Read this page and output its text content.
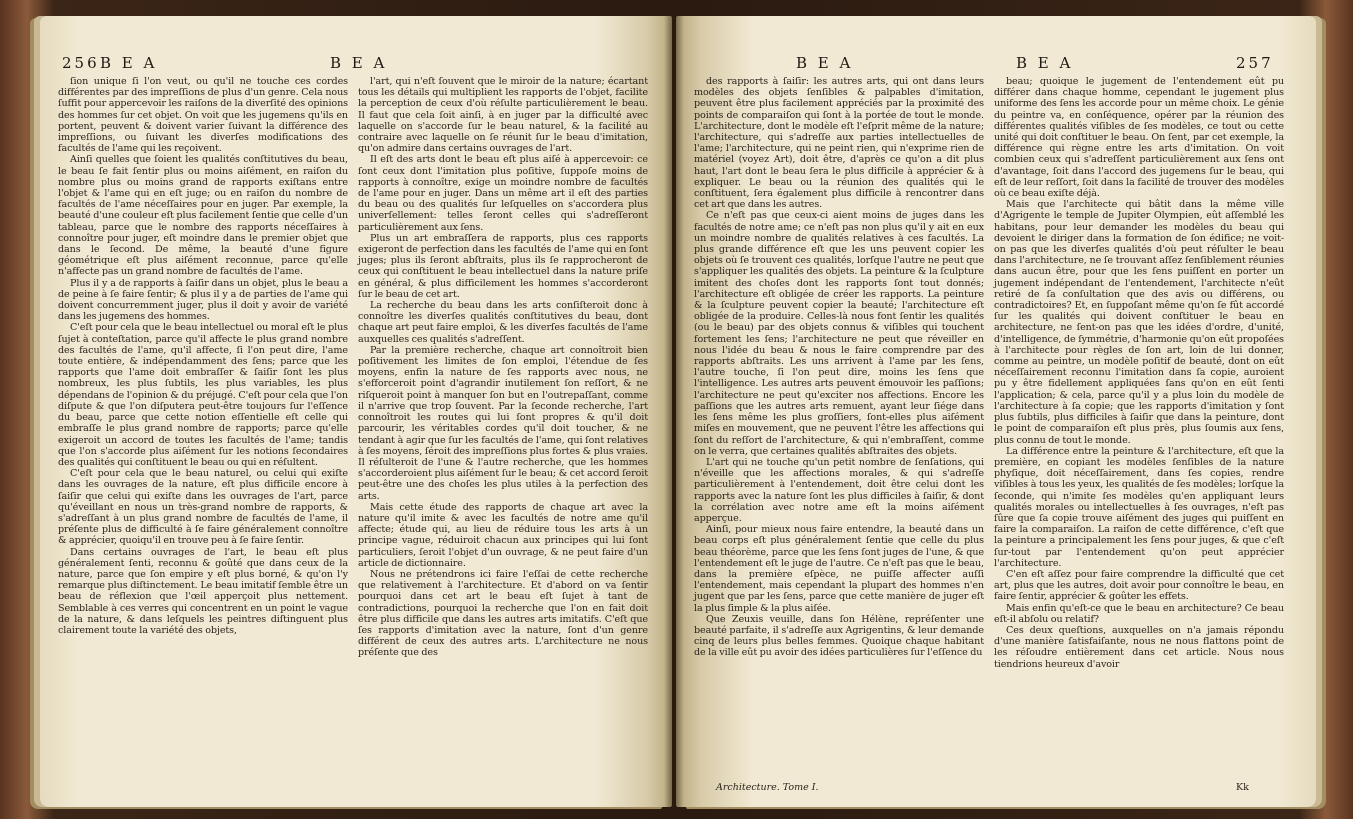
256 B E A	B E A

ſion unique ſi l'on veut, ou qu'il ne touche ces cordes différentes par des impreſſions de plus d'un genre. Cela nous ſuffit pour appercevoir les raiſons de la diverſité des opinions des hommes ſur cet objet. On voit que les jugemens qu'ils en portent, peuvent & doivent varier ſuivant la différence des impreſſions, ou ſuivant les diverſes modifications des facultés de l'ame qui les reçoivent.

Ainſi quelles que ſoient les qualités conſtitutives du beau, le beau ſe fait ſentir plus ou moins aiſément, en raiſon du nombre plus ou moins grand de rapports exiſtans entre l'objet & l'ame qui en eſt juge; ou en raiſon du nombre de facultés de l'ame néceſſaires pour en juger. Par exemple, la beauté d'une couleur eſt plus facilement ſentie que celle d'un tableau, parce que le nombre des rapports néceſſaires à connoître pour juger, eſt moindre dans le premier objet que dans le ſecond. De même, la beauté d'une figure géométrique eſt plus aiſément reconnue, parce qu'elle n'affecte pas un grand nombre de facultés de l'ame.

Plus il y a de rapports à ſaiſir dans un objet, plus le beau a de peine à ſe faire ſentir; & plus il y a de parties de l'ame qui doivent concurremment juger, plus il doit y avoir de variété dans les jugemens des hommes.

C'eſt pour cela que le beau intellectuel ou moral eſt le plus ſujet à conteſtation, parce qu'il affecte le plus grand nombre des facultés de l'ame, qu'il affecte, ſi l'on peut dire, l'ame toute entière, & indépendamment des ſens; parce que les rapports que l'ame doit embraſſer & ſaiſir ſont les plus nombreux, les plus ſubtils, les plus variables, les plus dépendans de l'opinion & du préjugé. C'eſt pour cela que l'on diſpute & que l'on diſputera peut-être toujours ſur l'eſſence du beau, parce que cette notion eſſentielle eſt celle qui embraſſe le plus grand nombre de rapports; parce qu'elle exigeroit un accord de toutes les facultés de l'ame; tandis que l'on s'accorde plus aiſément ſur les notions ſecondaires des qualités qui conſtituent le beau ou qui en réſultent.

C'eſt pour cela que le beau naturel, ou celui qui exiſte dans les ouvrages de la nature, eſt plus difficile encore à ſaiſir que celui qui exiſte dans les ouvrages de l'art, parce qu'éveillant en nous un très-grand nombre de rapports, & s'adreſſant à un plus grand nombre de facultés de l'ame, il préſente plus de difficulté à ſe faire généralement connoître & apprécier, quoiqu'il en trouve peu à ſe faire ſentir.

Dans certains ouvrages de l'art, le beau eſt plus généralement ſenti, reconnu & goûté que dans ceux de la nature, parce que ſon empire y eſt plus borné, & qu'on l'y remarque plus diſtinctement. Le beau imitatif ſemble être un beau de réflexion que l'œil apperçoit plus nettement. Semblable à ces verres qui concentrent en un point le vague de la nature, & dans leſquels les peintres diſtinguent plus clairement toute la variété des objets,

l'art, qui n'eſt ſouvent que le miroir de la nature; écartant tous les détails qui multiplient les rapports de l'objet, facilite la perception de ceux d'où réſulte particulièrement le beau. Il faut que cela ſoit ainſi, à en juger par la difficulté avec laquelle on s'accorde ſur le beau naturel, & la facilité au contraire avec laquelle on ſe réunit ſur le beau d'imitation, qu'on admire dans certains ouvrages de l'art.

Il eſt des arts dont le beau eſt plus aiſé à appercevoir: ce ſont ceux dont l'imitation plus poſitive, ſuppoſe moins de rapports à connoître, exige un moindre nombre de facultés de l'ame pour en juger. Dans un même art il eſt des parties du beau ou des qualités ſur leſquelles on s'accordera plus univerſellement: telles ſeront celles qui s'adreſſeront particulièrement aux ſens.

Plus un art embraſſera de rapports, plus ces rapports exigeront de perfection dans les facultés de l'ame qui en ſont juges; plus ils ſeront abſtraits, plus ils ſe rapprocheront de ceux qui conſtituent le beau intellectuel dans la nature priſe en général, & plus difficilement les hommes s'accorderont ſur le beau de cet art.

La recherche du beau dans les arts conſiſteroit donc à connoître les diverſes qualités conſtitutives du beau, dont chaque art peut faire emploi, & les diverſes facultés de l'ame auxquelles ces qualités s'adreſſent.

Par la première recherche, chaque art connoîtroit bien poſitivement les limites de ſon emploi, l'étendue de ſes moyens, enfin la nature de ſes rapports avec nous, ne s'efforceroit point d'agrandir inutilement ſon reſſort, & ne riſqueroit point à manquer ſon but en l'outrepaſſant, comme il n'arrive que trop ſouvent. Par la ſeconde recherche, l'art connoîtroit les routes qui lui ſont propres & qu'il doit parcourir, les véritables cordes qu'il doit toucher, & ne tendant à agir que ſur les facultés de l'ame, qui ſont relatives à ſes moyens, ſéroit des impreſſions plus fortes & plus vraies. Il réſulteroit de l'une & l'autre recherche, que les hommes s'accorderoient plus aiſément ſur le beau; & cet accord ſeroit peut-être une des choſes les plus utiles à la perfection des arts.

Mais cette étude des rapports de chaque art avec la nature qu'il imite & avec les facultés de notre ame qu'il affecte; étude qui, au lieu de réduire tous les arts à un principe vague, réduiroit chacun aux principes qui lui ſont particuliers, ſeroit l'objet d'un ouvrage, & ne peut faire d'un article de dictionnaire.

Nous ne prétendrons ici faire l'eſſai de cette recherche que relativement à l'architecture. Et d'abord on va ſentir pourquoi dans cet art le beau eſt ſujet à tant de contradictions, pourquoi la recherche que l'on en fait doit être plus difficile que dans les autres arts imitatifs. C'eſt que ſes rapports d'imitation avec la nature, ſont d'un genre différent de ceux des autres arts. L'architecture ne nous préſente que des

B E A	B E A	257

des rapports à ſaiſir: les autres arts, qui ont dans leurs modèles des objets ſenſibles & palpables d'imitation, peuvent être plus facilement appréciés par la proximité des points de comparaiſon qui ſont à la portée de tout le monde. L'architecture, dont le modèle eſt l'eſprit même de la nature; l'architecture, qui s'adreſſe aux parties intellectuelles de l'ame; l'architecture, qui ne peint rien, qui n'exprime rien de matériel (voyez Art), doit être, d'après ce qu'on a dit plus haut, l'art dont le beau ſera le plus difficile à apprécier & à expliquer. Le beau ou la réunion des qualités qui le conſtituent, ſera également plus difficile à rencontrer dans cet art que dans les autres.

Ce n'eſt pas que ceux-ci aient moins de juges dans les facultés de notre ame; ce n'eſt pas non plus qu'il y ait en eux un moindre nombre de qualités relatives à ces facultés. La plus grande différence eſt que les uns peuvent copier les objets où ſe trouvent ces qualités, lorſque l'autre ne peut que s'appliquer les qualités des objets. La peinture & la ſculpture imitent des choſes dont les rapports ſont tout donnés; l'architecture eſt obligée de créer les rapports. La peinture & la ſculpture peuvent copier la beauté; l'architecture eſt obligée de la produire. Celles-là nous font ſentir les qualités (ou le beau) par des objets connus & viſibles qui touchent fortement les ſens; l'architecture ne peut que réveiller en nous l'idée du beau & nous le faire comprendre par des rapports abſtraits. Les uns arrivent à l'ame par les ſens, l'autre touche, ſi l'on peut dire, moins les ſens que l'intelligence. Les autres arts peuvent émouvoir les paſſions; l'architecture ne peut qu'exciter nos affections. Encore les paſſions que les autres arts remuent, ayant leur ſiége dans les ſens même les plus groſſiers, ſont-elles plus aiſément miſes en mouvement, que ne peuvent l'être les affections qui ſont du reſſort de l'architecture, & qui n'embraſſent, comme on le verra, que certaines qualités abſtraites des objets.

L'art qui ne touche qu'un petit nombre de ſenſations, qui n'éveille que les affections morales, & qui s'adreſſe particulièrement à l'entendement, doit être celui dont les rapports avec la nature ſont les plus difficiles à ſaiſir, & dont la corrélation avec notre ame eſt la moins aiſément apperçue.

Ainſi, pour mieux nous faire entendre, la beauté dans un beau corps eſt plus généralement ſentie que celle du plus beau théorème, parce que les ſens ſont juges de l'une, & que l'entendement eſt le juge de l'autre. Ce n'eſt pas que le beau, dans la première eſpèce, ne puiſſe affecter auſſi l'entendement, mais cependant la plupart des hommes n'en jugent que par les ſens, parce que cette manière de juger eſt la plus ſimple & la plus aiſée.

Que Zeuxis veuille, dans ſon Hélène, repréſenter une beauté parfaite, il s'adreſſe aux Agrigentins, & leur demande cinq de leurs plus belles femmes. Quoique chaque habitant de la ville eût pu avoir des idées particulières ſur l'eſſence du

beau; quoique le jugement de l'entendement eût pu différer dans chaque homme, cependant le jugement plus uniforme des ſens les accorde pour un même choix. Le génie du peintre va, en conſéquence, opérer par la réunion des différentes qualités viſibles de ſes modèles, ce tout ou cette unité qui doit conſtituer le beau. On ſent, par cet exemple, la différence qui règne entre les arts d'imitation. On voit combien ceux qui s'adreſſent particulièrement aux ſens ont d'avantage, ſoit dans l'accord des jugemens ſur le beau, qui eſt de leur reſſort, ſoit dans la facilité de trouver des modèles où ce beau exiſte déjà.

Mais que l'architecte qui bâtit dans la même ville d'Agrigente le temple de Jupiter Olympien, eût aſſemblé les habitans, pour leur demander les modèles du beau qui devoient le diriger dans la formation de ſon édifice; ne voit-on pas que les diverſes qualités d'où peut réſulter le beau dans l'architecture, ne ſe trouvant aſſez ſenſiblement réunies dans aucun être, pour que les ſens puiſſent en porter un jugement indépendant de l'entendement, l'architecte n'eût retiré de ſa conſultation que des avis ou différens, ou contradictoires? Et, en ſuppoſant même qu'on ſe fût accordé ſur les qualités qui doivent conſtituer le beau en architecture, ne ſent-on pas que les idées d'ordre, d'unité, d'intelligence, de ſymmétrie, d'harmonie qu'on eût propoſées à l'architecte pour règles de ſon art, loin de lui donner, comme au peintre, un modèle poſitif de beauté, dont on eût néceſſairement reconnu l'imitation dans ſa copie, auroient pu y être fidellement appliquées ſans qu'on en eût ſenti l'application; & cela, parce qu'il y a plus loin du modèle de l'architecture à ſa copie; que les rapports d'imitation y ſont plus ſubtils, plus difficiles à ſaiſir que dans la peinture, dont le point de comparaiſon eſt plus près, plus ſoumis aux ſens, plus connu de tout le monde.

La différence entre la peinture & l'architecture, eſt que la première, en copiant les modèles ſenſibles de la nature phyſique, doit néceſſairement, dans ſes copies, rendre viſibles à tous les yeux, les qualités de ſes modèles; lorſque la ſeconde, qui n'imite ſes modèles qu'en appliquant leurs qualités morales ou intellectuelles à ſes ouvrages, n'eſt pas ſûre que ſa copie trouve aiſément des juges qui puiſſent en faire la comparaiſon. La raiſon de cette différence, c'eſt que la peinture a principalement les ſens pour juges, & que c'eſt ſur-tout par l'entendement qu'on peut apprécier l'architecture.

C'en eſt aſſez pour faire comprendre la difficulté que cet art, plus que les autres, doit avoir pour connoître le beau, en faire ſentir, apprécier & goûter les effets.

Mais enfin qu'eſt-ce que le beau en architecture? Ce beau eſt-il abſolu ou relatif?

Ces deux queſtions, auxquelles on n'a jamais répondu d'une manière ſatisfaiſante, nous ne nous flattons point de les réſoudre entièrement dans cet article. Nous nous tiendrions heureux d'avoir

Architecture. Tome I.	Kk
